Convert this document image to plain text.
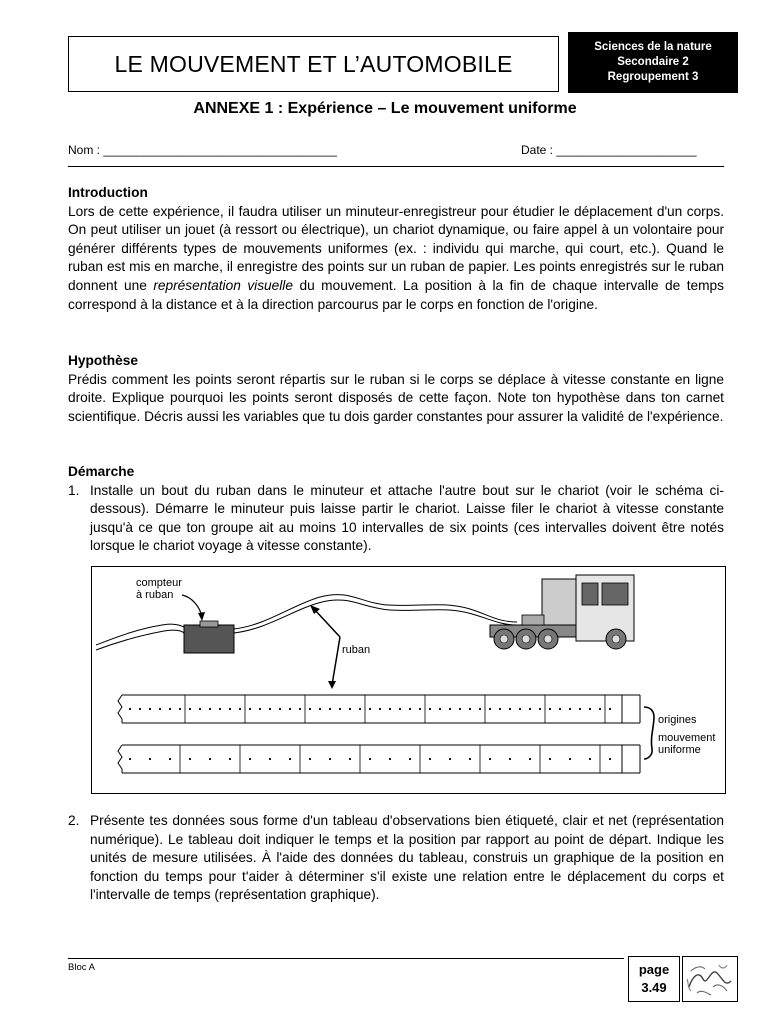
LE MOUVEMENT ET L’AUTOMOBILE
Sciences de la nature
Secondaire 2
Regroupement 3
ANNEXE 1 : Expérience – Le mouvement uniforme
Nom : ___________________________________	Date : _____________________
Introduction

Lors de cette expérience, il faudra utiliser un minuteur-enregistreur pour étudier le déplacement d'un corps. On peut utiliser un jouet (à ressort ou électrique), un chariot dynamique, ou faire appel à un volontaire pour générer différents types de mouvements uniformes (ex. : individu qui marche, qui court, etc.). Quand le ruban est mis en marche, il enregistre des points sur un ruban de papier. Les points enregistrés sur le ruban donnent une représentation visuelle du mouvement. La position à la fin de chaque intervalle de temps correspond à la distance et à la direction parcourus par le corps en fonction de l'origine.

Hypothèse

Prédis comment les points seront répartis sur le ruban si le corps se déplace à vitesse constante en ligne droite. Explique pourquoi les points seront disposés de cette façon. Note ton hypothèse dans ton carnet scientifique. Décris aussi les variables que tu dois garder constantes pour assurer la validité de l'expérience.

Démarche
1. Installe un bout du ruban dans le minuteur et attache l'autre bout sur le chariot (voir le schéma ci-dessous). Démarre le minuteur puis laisse partir le chariot. Laisse filer le chariot à vitesse constante jusqu'à ce que ton groupe ait au moins 10 intervalles de six points (ces intervalles doivent être notés lorsque le chariot voyage à vitesse constante).
compteur
à ruban
ruban
origines
mouvement
uniforme
2. Présente tes données sous forme d'un tableau d'observations bien étiqueté, clair et net (représentation numérique). Le tableau doit indiquer le temps et la position par rapport au point de départ. Indique les unités de mesure utilisées. À l'aide des données du tableau, construis un graphique de la position en fonction du temps pour t'aider à déterminer s'il existe une relation entre le déplacement du corps et l'intervalle de temps (représentation graphique).
Bloc A	page
3.49
